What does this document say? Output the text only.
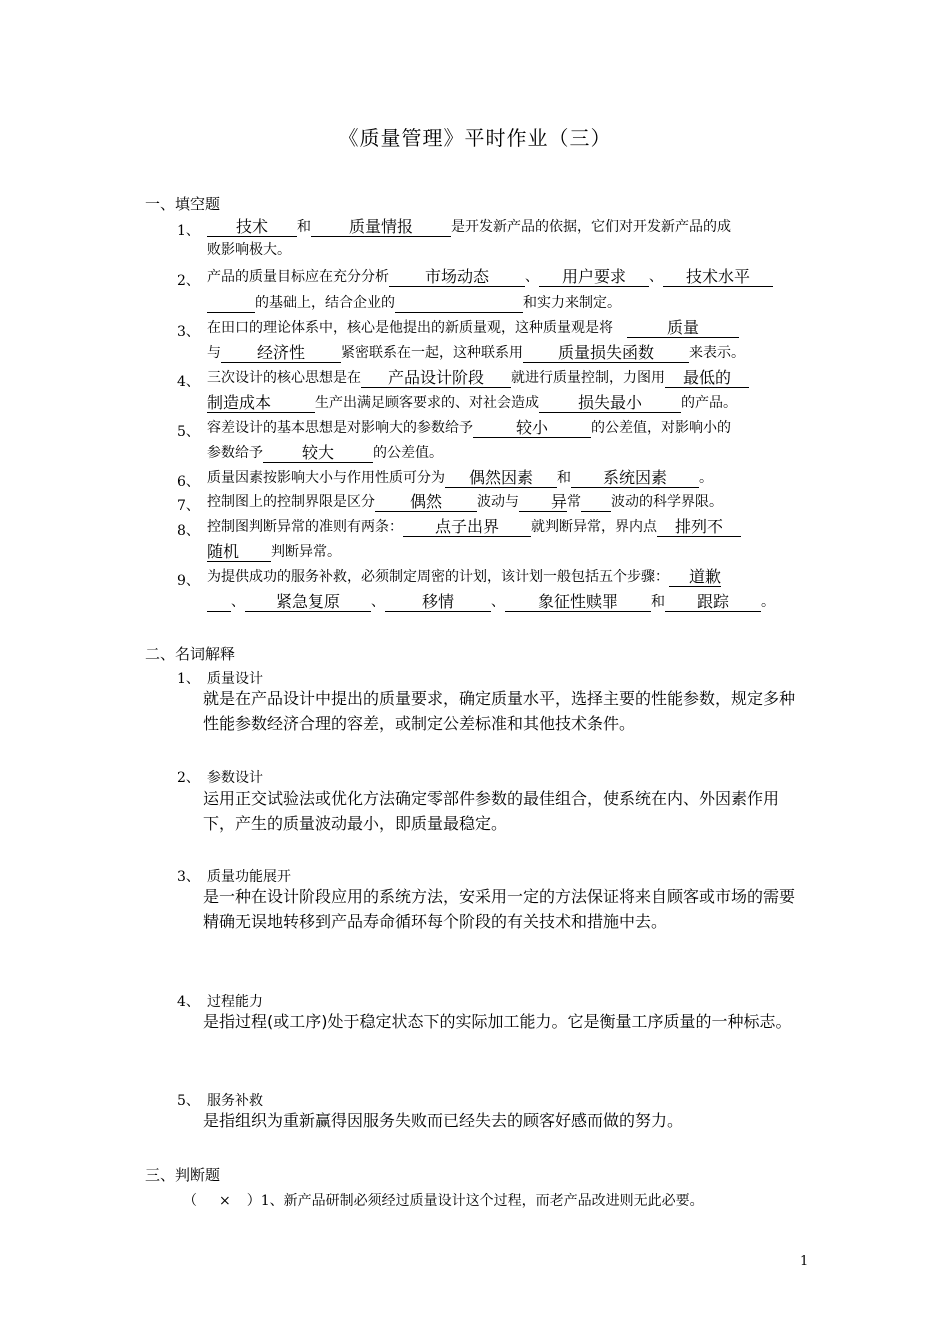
《质量管理》平时作业（三）
一、填空题
1、	技术 和 质量情报	是开发新产品的依据，它们对开发新产品的成
败影响极大。
2、 产品的质量目标应在充分分析 市场动态	、 用户要求 、 技术水平
的基础上，结合企业的	和实力来制定。
3、 在田口的理论体系中，核心是他提出的新质量观，这种质量观是将	质量
与 经济性	紧密联系在一起，这种联系用 质量损失函数	来表示。
4、 三次设计的核心思想是在 产品设计阶段 就进行质量控制，力图用 最低的
制造成本	生产出满足顾客要求的、对社会造成 损失最小	的产品。
5、 容差设计的基本思想是对影响大的参数给予	较小	的公差值，对影响小的
参数给予 较大	的公差值。
6、 质量因素按影响大小与作用性质可分为 偶然因素 和 系统因素 。
7、 控制图上的控制界限是区分 偶然	波动与 异常 波动的科学界限。
8、 控制图判断异常的准则有两条： 点子出界 就判断异常，界内点 排列不
随机 判断异常。
9、 为提供成功的服务补救，必须制定周密的计划，该计划一般包括五个步骤： 道歉
、 紧急复原 、 移情	、 象征性赎罪 和 跟踪 。
二、名词解释
1、 质量设计
就是在产品设计中提出的质量要求，确定质量水平，选择主要的性能参数，规定多种性能参数经济合理的容差，或制定公差标准和其他技术条件。
2、 参数设计
运用正交试验法或优化方法确定零部件参数的最佳组合，使系统在内、外因素作用下，产生的质量波动最小，即质量最稳定。
3、 质量功能展开
是一种在设计阶段应用的系统方法，安采用一定的方法保证将来自顾客或市场的需要精确无误地转移到产品寿命循环每个阶段的有关技术和措施中去。
4、 过程能力
是指过程(或工序)处于稳定状态下的实际加工能力。它是衡量工序质量的一种标志。
5、 服务补救
是指组织为重新赢得因服务失败而已经失去的顾客好感而做的努力。
三、判断题
（ × ）1、新产品研制必须经过质量设计这个过程，而老产品改进则无此必要。
1
